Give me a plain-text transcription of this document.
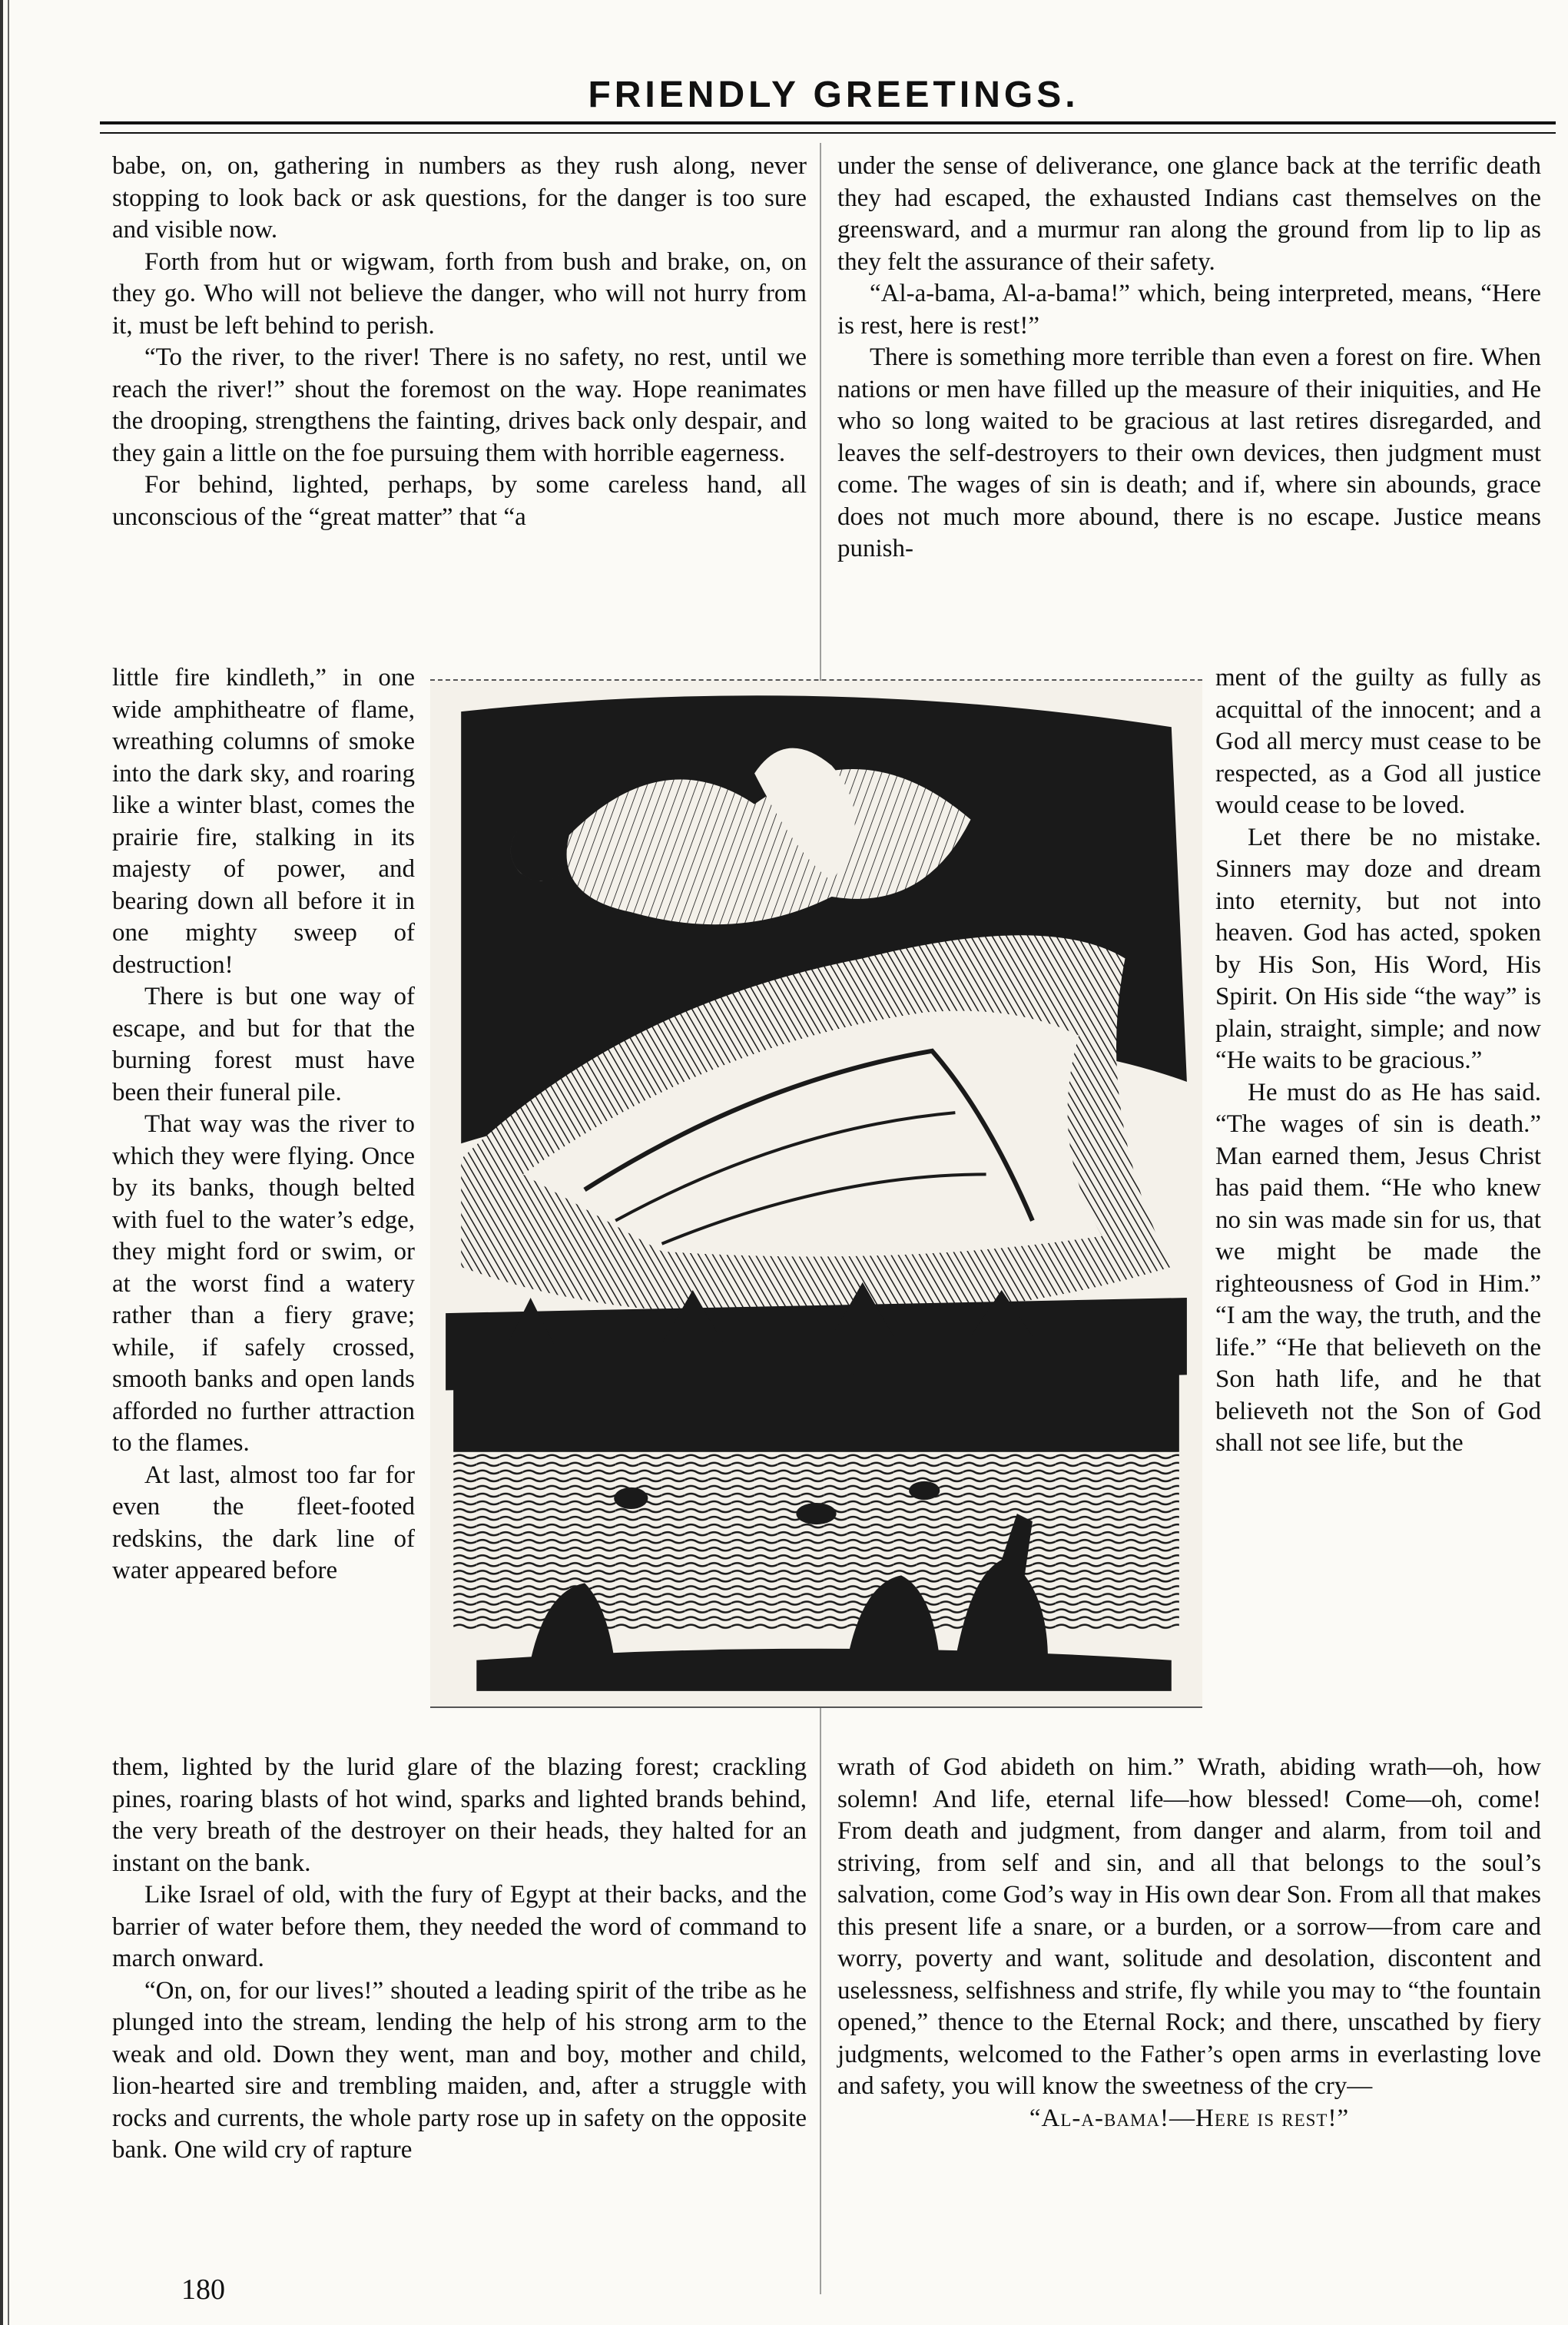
FRIENDLY GREETINGS.

babe, on, on, gathering in numbers as they rush along, never stopping to look back or ask questions, for the danger is too sure and visible now.

Forth from hut or wigwam, forth from bush and brake, on, on they go. Who will not believe the danger, who will not hurry from it, must be left behind to perish.

“To the river, to the river! There is no safety, no rest, until we reach the river!” shout the foremost on the way. Hope reanimates the drooping, strengthens the fainting, drives back only despair, and they gain a little on the foe pursuing them with horrible eagerness.

For behind, lighted, perhaps, by some careless hand, all unconscious of the “great matter” that “a

little fire kindleth,” in one wide amphitheatre of flame, wreathing columns of smoke into the dark sky, and roaring like a winter blast, comes the prairie fire, stalking in its majesty of power, and bearing down all before it in one mighty sweep of destruction!

There is but one way of escape, and but for that the burning forest must have been their funeral pile.

That way was the river to which they were flying. Once by its banks, though belted with fuel to the water’s edge, they might ford or swim, or at the worst find a watery rather than a fiery grave; while, if safely crossed, smooth banks and open lands afforded no further attraction to the flames.

At last, almost too far for even the fleet-footed redskins, the dark line of water appeared before

them, lighted by the lurid glare of the blazing forest; crackling pines, roaring blasts of hot wind, sparks and lighted brands behind, the very breath of the destroyer on their heads, they halted for an instant on the bank.

Like Israel of old, with the fury of Egypt at their backs, and the barrier of water before them, they needed the word of command to march onward.

“On, on, for our lives!” shouted a leading spirit of the tribe as he plunged into the stream, lending the help of his strong arm to the weak and old. Down they went, man and boy, mother and child, lion-hearted sire and trembling maiden, and, after a struggle with rocks and currents, the whole party rose up in safety on the opposite bank. One wild cry of rapture

under the sense of deliverance, one glance back at the terrific death they had escaped, the exhausted Indians cast themselves on the greensward, and a murmur ran along the ground from lip to lip as they felt the assurance of their safety.

“Al-a-bama, Al-a-bama!” which, being interpreted, means, “Here is rest, here is rest!”

There is something more terrible than even a forest on fire. When nations or men have filled up the measure of their iniquities, and He who so long waited to be gracious at last retires disregarded, and leaves the self-destroyers to their own devices, then judgment must come. The wages of sin is death; and if, where sin abounds, grace does not much more abound, there is no escape. Justice means punish-

ment of the guilty as fully as acquittal of the innocent; and a God all mercy must cease to be respected, as a God all justice would cease to be loved.

Let there be no mistake. Sinners may doze and dream into eternity, but not into heaven. God has acted, spoken by His Son, His Word, His Spirit. On His side “the way” is plain, straight, simple; and now “He waits to be gracious.”

He must do as He has said. “The wages of sin is death.” Man earned them, Jesus Christ has paid them. “He who knew no sin was made sin for us, that we might be made the righteousness of God in Him.” “I am the way, the truth, and the life.” “He that believeth on the Son hath life, and he that believeth not the Son of God shall not see life, but the

wrath of God abideth on him.” Wrath, abiding wrath—oh, how solemn! And life, eternal life—how blessed! Come—oh, come! From death and judgment, from danger and alarm, from toil and striving, from self and sin, and all that belongs to the soul’s salvation, come God’s way in His own dear Son. From all that makes this present life a snare, or a burden, or a sorrow—from care and worry, poverty and want, solitude and desolation, discontent and uselessness, selfishness and strife, fly while you may to “the fountain opened,” thence to the Eternal Rock; and there, unscathed by fiery judgments, welcomed to the Father’s open arms in everlasting love and safety, you will know the sweetness of the cry—

“Al-a-bama!—Here is rest!”

180
